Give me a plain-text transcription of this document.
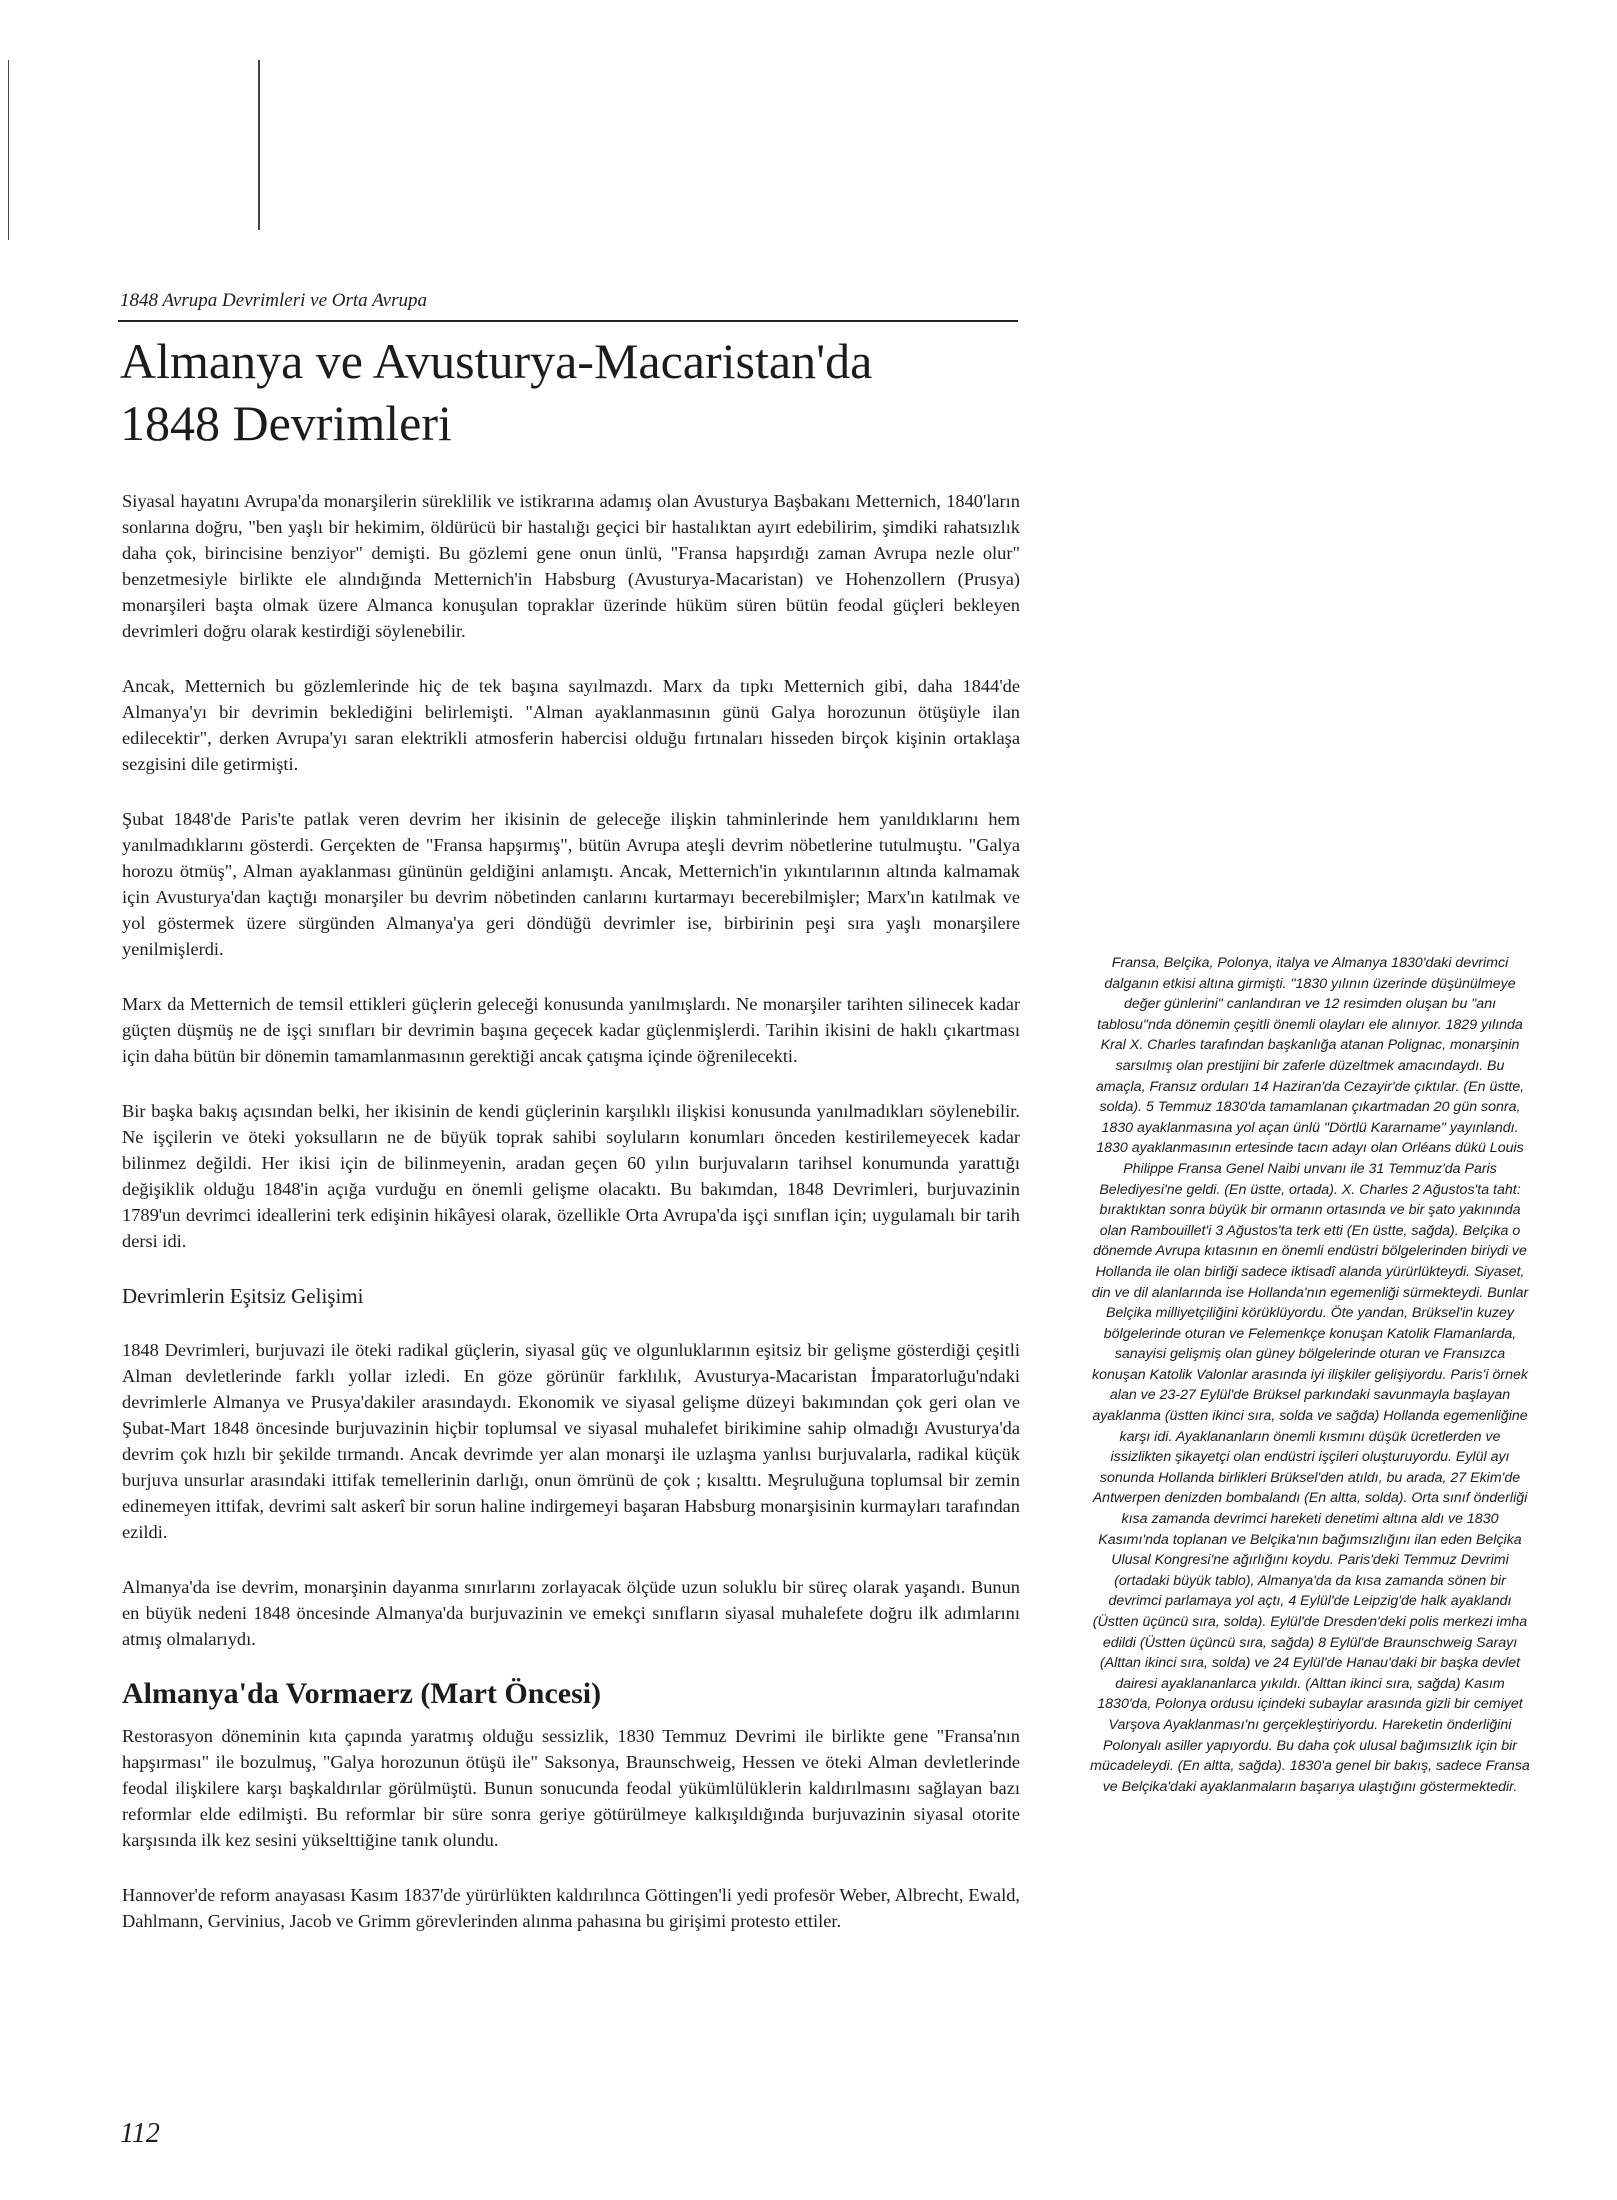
1848 Avrupa Devrimleri ve Orta Avrupa
Almanya ve Avusturya-Macaristan'da
1848 Devrimleri

Siyasal hayatını Avrupa'da monarşilerin süreklilik ve istikrarına adamış olan Avusturya Başbakanı Metternich, 1840'ların sonlarına doğru, "ben yaşlı bir hekimim, öldürücü bir hastalığı geçici bir hastalıktan ayırt edebilirim, şimdiki rahatsızlık daha çok, birincisine benziyor" demişti. Bu gözlemi gene onun ünlü, "Fransa hapşırdığı zaman Avrupa nezle olur" benzetmesiyle birlikte ele alındığında Metternich'in Habsburg (Avusturya-Macaristan) ve Hohenzollern (Prusya) monarşileri başta olmak üzere Almanca konuşulan topraklar üzerinde hüküm süren bütün feodal güçleri bekleyen devrimleri doğru olarak kestirdiği söylenebilir.

Ancak, Metternich bu gözlemlerinde hiç de tek başına sayılmazdı. Marx da tıpkı Metternich gibi, daha 1844'de Almanya'yı bir devrimin beklediğini belirlemişti. "Alman ayaklanmasının günü Galya horozunun ötüşüyle ilan edilecektir", derken Avrupa'yı saran elektrikli atmosferin habercisi olduğu fırtınaları hisseden birçok kişinin ortaklaşa sezgisini dile getirmişti.

Şubat 1848'de Paris'te patlak veren devrim her ikisinin de geleceğe ilişkin tahminlerinde hem yanıldıklarını hem yanılmadıklarını gösterdi. Gerçekten de "Fransa hapşırmış", bütün Avrupa ateşli devrim nöbetlerine tutulmuştu. "Galya horozu ötmüş", Alman ayaklanması gününün geldiğini anlamıştı. Ancak, Metternich'in yıkıntılarının altında kalmamak için Avusturya'dan kaçtığı monarşiler bu devrim nöbetinden canlarını kurtarmayı becerebilmişler; Marx'ın katılmak ve yol göstermek üzere sürgünden Almanya'ya geri döndüğü devrimler ise, birbirinin peşi sıra yaşlı monarşilere yenilmişlerdi.

Marx da Metternich de temsil ettikleri güçlerin geleceği konusunda yanılmışlardı. Ne monarşiler tarihten silinecek kadar güçten düşmüş ne de işçi sınıfları bir devrimin başına geçecek kadar güçlenmişlerdi. Tarihin ikisini de haklı çıkartması için daha bütün bir dönemin tamamlanmasının gerektiği ancak çatışma içinde öğrenilecekti.

Bir başka bakış açısından belki, her ikisinin de kendi güçlerinin karşılıklı ilişkisi konusunda yanılmadıkları söylenebilir. Ne işçilerin ve öteki yoksulların ne de büyük toprak sahibi soyluların konumları önceden kestirilemeyecek kadar bilinmez değildi. Her ikisi için de bilinmeyenin, aradan geçen 60 yılın burjuvaların tarihsel konumunda yarattığı değişiklik olduğu 1848'in açığa vurduğu en önemli gelişme olacaktı. Bu bakımdan, 1848 Devrimleri, burjuvazinin 1789'un devrimci ideallerini terk edişinin hikâyesi olarak, özellikle Orta Avrupa'da işçi sınıflan için; uygulamalı bir tarih dersi idi.

Devrimlerin Eşitsiz Gelişimi

1848 Devrimleri, burjuvazi ile öteki radikal güçlerin, siyasal güç ve olgunluklarının eşitsiz bir gelişme gösterdiği çeşitli Alman devletlerinde farklı yollar izledi. En göze görünür farklılık, Avusturya-Macaristan İmparatorluğu'ndaki devrimlerle Almanya ve Prusya'dakiler arasındaydı. Ekonomik ve siyasal gelişme düzeyi bakımından çok geri olan ve Şubat-Mart 1848 öncesinde burjuvazinin hiçbir toplumsal ve siyasal muhalefet birikimine sahip olmadığı Avusturya'da devrim çok hızlı bir şekilde tırmandı. Ancak devrimde yer alan monarşi ile uzlaşma yanlısı burjuvalarla, radikal küçük burjuva unsurlar arasındaki ittifak temellerinin darlığı, onun ömrünü de çok ; kısalttı. Meşruluğuna toplumsal bir zemin edinemeyen ittifak, devrimi salt askerî bir sorun haline indirgemeyi başaran Habsburg monarşisinin kurmayları tarafından ezildi.

Almanya'da ise devrim, monarşinin dayanma sınırlarını zorlayacak ölçüde uzun soluklu bir süreç olarak yaşandı. Bunun en büyük nedeni 1848 öncesinde Almanya'da burjuvazinin ve emekçi sınıfların siyasal muhalefete doğru ilk adımlarını atmış olmalarıydı.

Almanya'da Vormaerz (Mart Öncesi)

Restorasyon döneminin kıta çapında yaratmış olduğu sessizlik, 1830 Temmuz Devrimi ile birlikte gene "Fransa'nın hapşırması" ile bozulmuş, "Galya horozunun ötüşü ile" Saksonya, Braunschweig, Hessen ve öteki Alman devletlerinde feodal ilişkilere karşı başkaldırılar görülmüştü. Bunun sonucunda feodal yükümlülüklerin kaldırılmasını sağlayan bazı reformlar elde edilmişti. Bu reformlar bir süre sonra geriye götürülmeye kalkışıldığında burjuvazinin siyasal otorite karşısında ilk kez sesini yükselttiğine tanık olundu.

Hannover'de reform anayasası Kasım 1837'de yürürlükten kaldırılınca Göttingen'li yedi profesör Weber, Albrecht, Ewald, Dahlmann, Gervinius, Jacob ve Grimm görevlerinden alınma pahasına bu girişimi protesto ettiler.

Fransa, Belçika, Polonya, italya ve Almanya 1830'daki devrimci dalganın etkisi altına girmişti. "1830 yılının üzerinde düşünülmeye değer günlerini" canlandıran ve 12 resimden oluşan bu "anı tablosu"nda dönemin çeşitli önemli olayları ele alınıyor. 1829 yılında Kral X. Charles tarafından başkanlığa atanan Polignac, monarşinin sarsılmış olan prestijini bir zaferle düzeltmek amacındaydı. Bu amaçla, Fransız orduları 14 Haziran'da Cezayir'de çıktılar. (En üstte, solda). 5 Temmuz 1830'da tamamlanan çıkartmadan 20 gün sonra, 1830 ayaklanmasına yol açan ünlü "Dörtlü Kararname" yayınlandı. 1830 ayaklanmasının ertesinde tacın adayı olan Orléans dükü Louis Philippe Fransa Genel Naibi unvanı ile 31 Temmuz'da Paris Belediyesi'ne geldi. (En üstte, ortada). X. Charles 2 Ağustos'ta taht: bıraktıktan sonra büyük bir ormanın ortasında ve bir şato yakınında olan Rambouillet'i 3 Ağustos'ta terk etti (En üstte, sağda). Belçika o dönemde Avrupa kıtasının en önemli endüstri bölgelerinden biriydi ve Hollanda ile olan birliği sadece iktisadî alanda yürürlükteydi. Siyaset, din ve dil alanlarında ise Hollanda'nın egemenliği sürmekteydi. Bunlar Belçika milliyetçiliğini körüklüyordu. Öte yandan, Brüksel'in kuzey bölgelerinde oturan ve Felemenkçe konuşan Katolik Flamanlarda, sanayisi gelişmiş olan güney bölgelerinde oturan ve Fransızca konuşan Katolik Valonlar arasında iyi ilişkiler gelişiyordu. Paris'i örnek alan ve 23-27 Eylül'de Brüksel parkındaki savunmayla başlayan ayaklanma (üstten ikinci sıra, solda ve sağda) Hollanda egemenliğine karşı idi. Ayaklananların önemli kısmını düşük ücretlerden ve issizlikten şikayetçi olan endüstri işçileri oluşturuyordu. Eylül ayı sonunda Hollanda birlikleri Brüksel'den atıldı, bu arada, 27 Ekim'de Antwerpen denizden bombalandı (En altta, solda). Orta sınıf önderliği kısa zamanda devrimci hareketi denetimi altına aldı ve 1830 Kasımı'nda toplanan ve Belçika'nın bağımsızlığını ilan eden Belçika Ulusal Kongresi'ne ağırlığını koydu. Paris'deki Temmuz Devrimi (ortadaki büyük tablo), Almanya'da da kısa zamanda sönen bir devrimci parlamaya yol açtı, 4 Eylül'de Leipzig'de halk ayaklandı (Üstten üçüncü sıra, solda). Eylül'de Dresden'deki polis merkezi imha edildi (Üstten üçüncü sıra, sağda) 8 Eylül'de Braunschweig Sarayı (Alttan ikinci sıra, solda) ve 24 Eylül'de Hanau'daki bir başka devlet dairesi ayaklananlarca yıkıldı. (Alttan ikinci sıra, sağda) Kasım 1830'da, Polonya ordusu içindeki subaylar arasında gizli bir cemiyet Varşova Ayaklanması'nı gerçekleştiriyordu. Hareketin önderliğini Polonyalı asiller yapıyordu. Bu daha çok ulusal bağımsızlık için bir mücadeleydi. (En altta, sağda). 1830'a genel bir bakış, sadece Fransa ve Belçika'daki ayaklanmaların başarıya ulaştığını göstermektedir.
112
